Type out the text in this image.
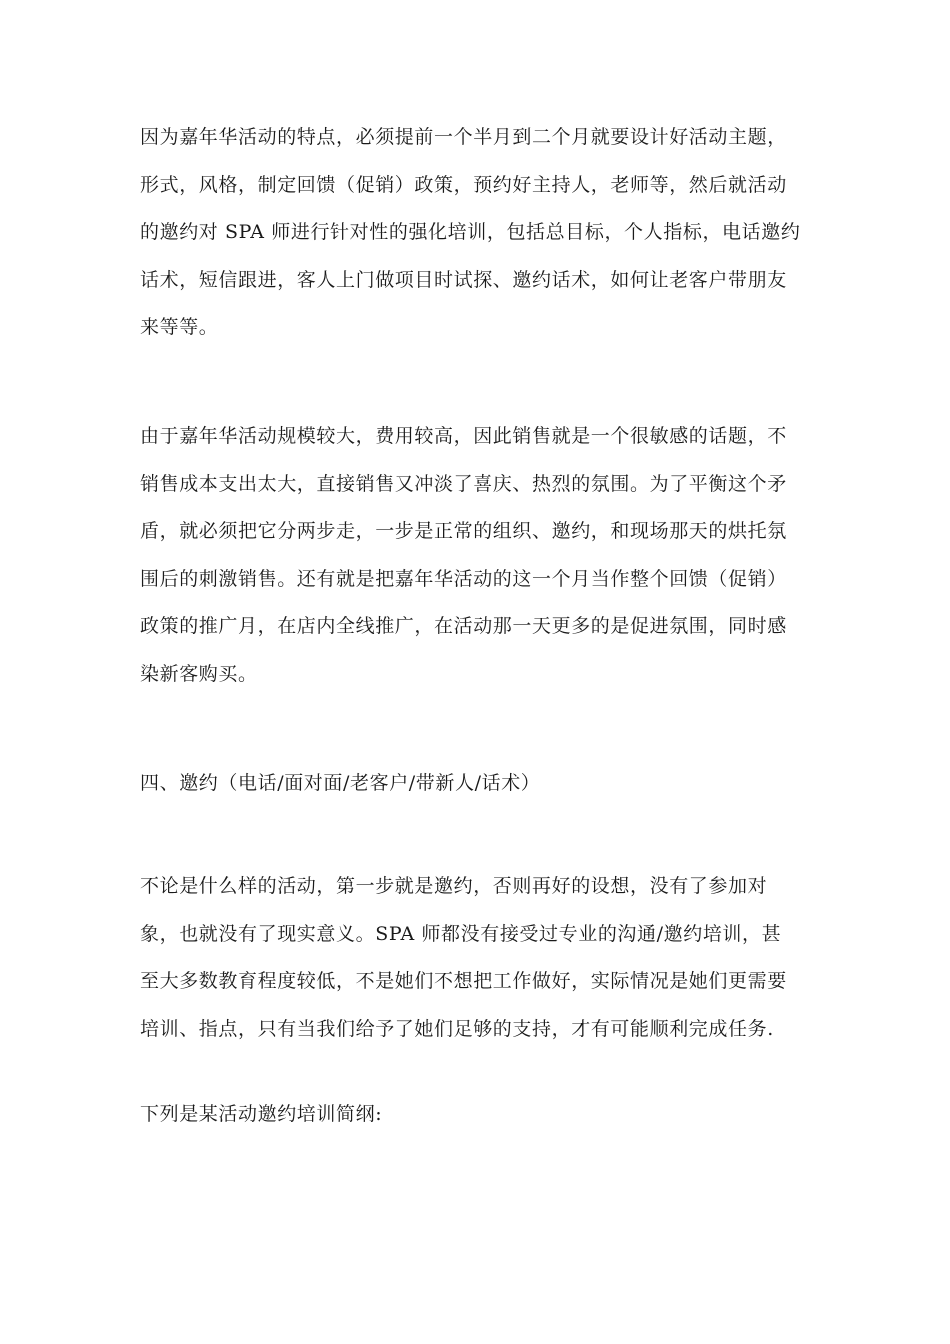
因为嘉年华活动的特点，必须提前一个半月到二个月就要设计好活动主题，
形式，风格，制定回馈（促销）政策，预约好主持人，老师等，然后就活动
的邀约对 SPA 师进行针对性的强化培训，包括总目标，个人指标，电话邀约
话术，短信跟进，客人上门做项目时试探、邀约话术，如何让老客户带朋友
来等等。
由于嘉年华活动规模较大，费用较高，因此销售就是一个很敏感的话题，不
销售成本支出太大，直接销售又冲淡了喜庆、热烈的氛围。为了平衡这个矛
盾，就必须把它分两步走，一步是正常的组织、邀约，和现场那天的烘托氛
围后的刺激销售。还有就是把嘉年华活动的这一个月当作整个回馈（促销）
政策的推广月，在店内全线推广，在活动那一天更多的是促进氛围，同时感
染新客购买。
四、邀约（电话/面对面/老客户/带新人/话术）
不论是什么样的活动，第一步就是邀约，否则再好的设想，没有了参加对
象，也就没有了现实意义。SPA 师都没有接受过专业的沟通/邀约培训，甚
至大多数教育程度较低，不是她们不想把工作做好，实际情况是她们更需要
培训、指点，只有当我们给予了她们足够的支持，才有可能顺利完成任务.
下列是某活动邀约培训简纲:
